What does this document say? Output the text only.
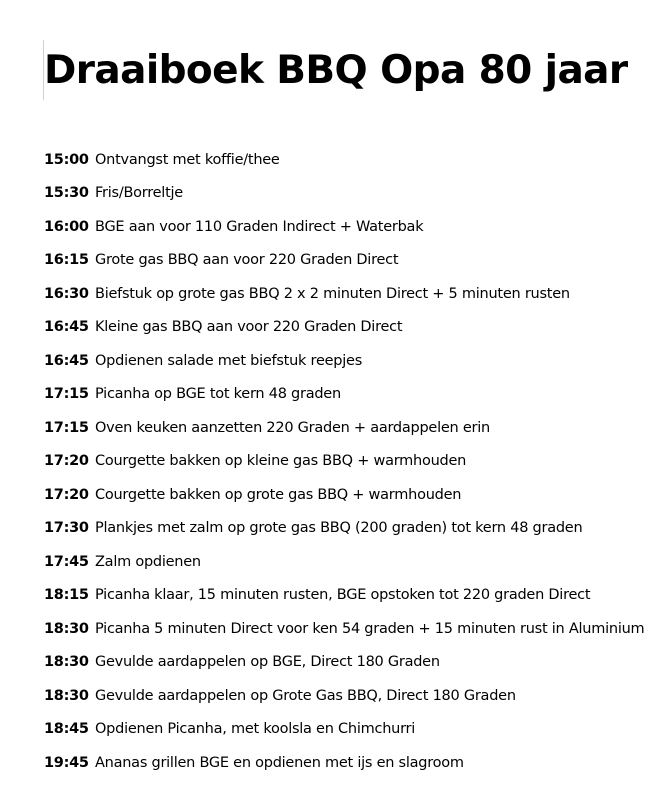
Draaiboek BBQ Opa 80 jaar
15:00 Ontvangst met koffie/thee
15:30 Fris/Borreltje
16:00 BGE aan voor 110 Graden Indirect + Waterbak
16:15 Grote gas BBQ aan voor 220 Graden Direct
16:30 Biefstuk op grote gas BBQ 2 x 2 minuten Direct + 5 minuten rusten
16:45 Kleine gas BBQ aan voor 220 Graden Direct
16:45 Opdienen salade met biefstuk reepjes
17:15 Picanha op BGE tot kern 48 graden
17:15 Oven keuken aanzetten 220 Graden + aardappelen erin
17:20 Courgette bakken op kleine gas BBQ + warmhouden
17:20 Courgette bakken op grote gas BBQ + warmhouden
17:30 Plankjes met zalm op grote gas BBQ (200 graden) tot kern 48 graden
17:45 Zalm opdienen
18:15 Picanha klaar, 15 minuten rusten, BGE opstoken tot 220 graden Direct
18:30 Picanha 5 minuten Direct voor ken 54 graden + 15 minuten rust in Aluminium
18:30 Gevulde aardappelen op BGE, Direct 180 Graden
18:30 Gevulde aardappelen op Grote Gas BBQ, Direct 180 Graden
18:45 Opdienen Picanha, met koolsla en Chimchurri
19:45 Ananas grillen BGE en opdienen met ijs en slagroom
